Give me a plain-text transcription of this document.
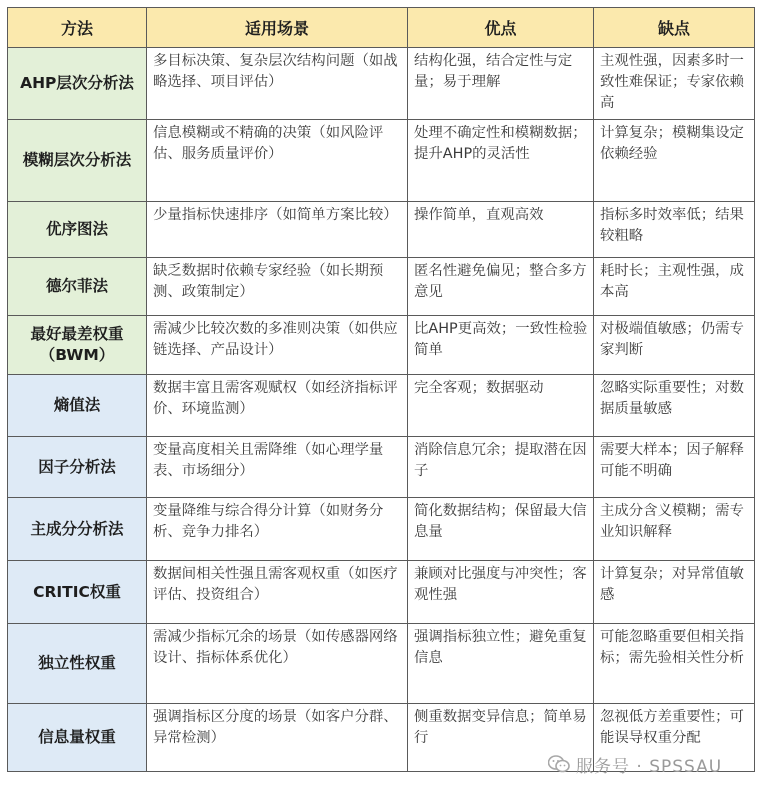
方法	适用场景	优点	缺点
AHP层次分析法	多目标决策、复杂层次结构问题（如战略选择、项目评估）	结构化强，结合定性与定量；易于理解	主观性强，因素多时一致性难保证；专家依赖高
模糊层次分析法	信息模糊或不精确的决策（如风险评估、服务质量评价）	处理不确定性和模糊数据；提升AHP的灵活性	计算复杂；模糊集设定依赖经验
优序图法	少量指标快速排序（如简单方案比较）	操作简单，直观高效	指标多时效率低；结果较粗略
德尔菲法	缺乏数据时依赖专家经验（如长期预测、政策制定）	匿名性避免偏见；整合多方意见	耗时长；主观性强，成本高
最好最差权重（BWM）	需减少比较次数的多准则决策（如供应链选择、产品设计）	比AHP更高效；一致性检验简单	对极端值敏感；仍需专家判断
熵值法	数据丰富且需客观赋权（如经济指标评价、环境监测）	完全客观；数据驱动	忽略实际重要性；对数据质量敏感
因子分析法	变量高度相关且需降维（如心理学量表、市场细分）	消除信息冗余；提取潜在因子	需要大样本；因子解释可能不明确
主成分分析法	变量降维与综合得分计算（如财务分析、竞争力排名）	简化数据结构；保留最大信息量	主成分含义模糊；需专业知识解释
CRITIC权重	数据间相关性强且需客观权重（如医疗评估、投资组合）	兼顾对比强度与冲突性；客观性强	计算复杂；对异常值敏感
独立性权重	需减少指标冗余的场景（如传感器网络设计、指标体系优化）	强调指标独立性；避免重复信息	可能忽略重要但相关指标；需先验相关性分析
信息量权重	强调指标区分度的场景（如客户分群、异常检测）	侧重数据变异信息；简单易行	忽视低方差重要性；可能误导权重分配
服务号 · SPSSAU
